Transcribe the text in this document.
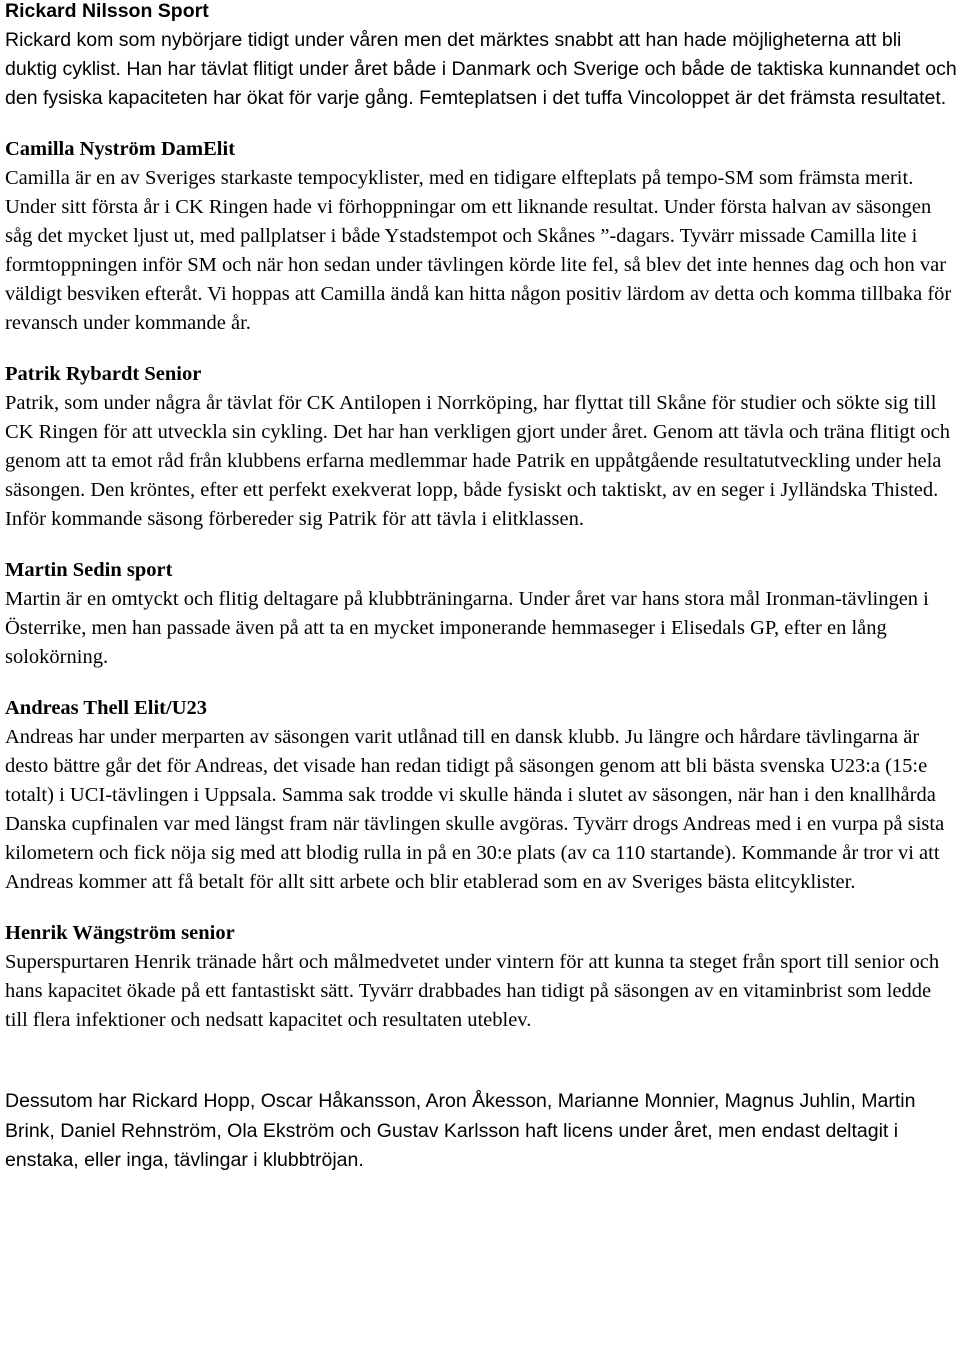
Rickard Nilsson Sport
Rickard kom som nybörjare tidigt under våren men det märktes snabbt att han hade möjligheterna att bli duktig cyklist. Han har tävlat flitigt under året både i Danmark och Sverige och både de taktiska kunnandet och den fysiska kapaciteten har ökat för varje gång. Femteplatsen i det tuffa Vincoloppet är det främsta resultatet.
Camilla Nyström DamElit
Camilla är en av Sveriges starkaste tempocyklister, med en tidigare elfteplats på tempo-SM som främsta merit. Under sitt första år i CK Ringen hade vi förhoppningar om ett liknande resultat. Under första halvan av säsongen såg det mycket ljust ut, med pallplatser i både Ystadstempot och Skånes ”-dagars. Tyvärr missade Camilla lite i formtoppningen inför SM och när hon sedan under tävlingen körde lite fel, så blev det inte hennes dag och hon var väldigt besviken efteråt. Vi hoppas att Camilla ändå kan hitta någon positiv lärdom av detta och komma tillbaka för revansch under kommande år.
Patrik Rybardt Senior
Patrik, som under några år tävlat för CK Antilopen i Norrköping, har flyttat till Skåne för studier och sökte sig till CK Ringen för att utveckla sin cykling. Det har han verkligen gjort under året. Genom att tävla och träna flitigt och genom att ta emot råd från klubbens erfarna medlemmar hade Patrik en uppåtgående resultatutveckling under hela säsongen. Den kröntes, efter ett perfekt exekverat lopp, både fysiskt och taktiskt, av en seger i Jylländska Thisted. Inför kommande säsong förbereder sig Patrik för att tävla i elitklassen.
Martin Sedin sport
Martin är en omtyckt och flitig deltagare på klubbträningarna. Under året var hans stora mål Ironman-tävlingen i Österrike, men han passade även på att ta en mycket imponerande hemmaseger i Elisedals GP, efter en lång solokörning.
Andreas Thell Elit/U23
Andreas har under merparten av säsongen varit utlånad till en dansk klubb. Ju längre och hårdare tävlingarna är desto bättre går det för Andreas, det visade han redan tidigt på säsongen genom att bli bästa svenska U23:a (15:e totalt) i UCI-tävlingen i Uppsala. Samma sak trodde vi skulle hända i slutet av säsongen, när han i den knallhårda Danska cupfinalen var med längst fram när tävlingen skulle avgöras. Tyvärr drogs Andreas med i en vurpa på sista kilometern och fick nöja sig med att blodig rulla in på en 30:e plats (av ca 110 startande). Kommande år tror vi att Andreas kommer att få betalt för allt sitt arbete och blir etablerad som en av Sveriges bästa elitcyklister.
Henrik Wängström senior
Superspurtaren Henrik tränade hårt och målmedvetet under vintern för att kunna ta steget från sport till senior och hans kapacitet ökade på ett fantastiskt sätt. Tyvärr drabbades han tidigt på säsongen av en vitaminbrist som ledde till flera infektioner och nedsatt kapacitet och resultaten uteblev.
Dessutom har Rickard Hopp, Oscar Håkansson, Aron Åkesson, Marianne Monnier, Magnus Juhlin, Martin Brink, Daniel Rehnström, Ola Ekström och Gustav Karlsson haft licens under året, men endast deltagit i enstaka, eller inga, tävlingar i klubbtröjan.
